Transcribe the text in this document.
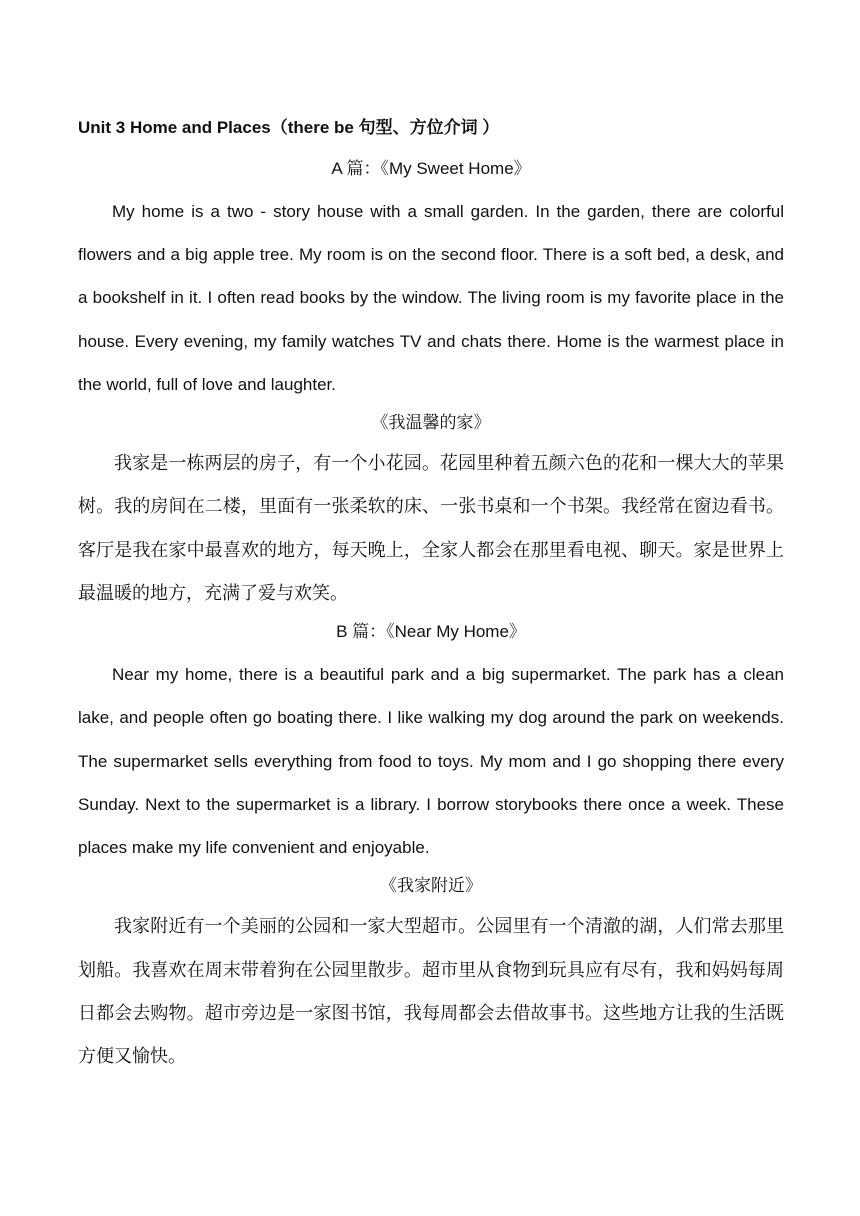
Unit 3 Home and Places（there be 句型、方位介词 ）
A 篇：《My Sweet Home》

My home is a two - story house with a small garden. In the garden, there are colorful flowers and a big apple tree. My room is on the second floor. There is a soft bed, a desk, and a bookshelf in it. I often read books by the window. The living room is my favorite place in the house. Every evening, my family watches TV and chats there. Home is the warmest place in the world, full of love and laughter.

《我温馨的家》

我家是一栋两层的房子，有一个小花园。花园里种着五颜六色的花和一棵大大的苹果树。我的房间在二楼，里面有一张柔软的床、一张书桌和一个书架。我经常在窗边看书。客厅是我在家中最喜欢的地方，每天晚上，全家人都会在那里看电视、聊天。家是世界上最温暖的地方，充满了爱与欢笑。

B 篇：《Near My Home》

Near my home, there is a beautiful park and a big supermarket. The park has a clean lake, and people often go boating there. I like walking my dog around the park on weekends. The supermarket sells everything from food to toys. My mom and I go shopping there every Sunday. Next to the supermarket is a library. I borrow storybooks there once a week. These places make my life convenient and enjoyable.

《我家附近》

我家附近有一个美丽的公园和一家大型超市。公园里有一个清澈的湖，人们常去那里划船。我喜欢在周末带着狗在公园里散步。超市里从食物到玩具应有尽有，我和妈妈每周日都会去购物。超市旁边是一家图书馆，我每周都会去借故事书。这些地方让我的生活既方便又愉快。
